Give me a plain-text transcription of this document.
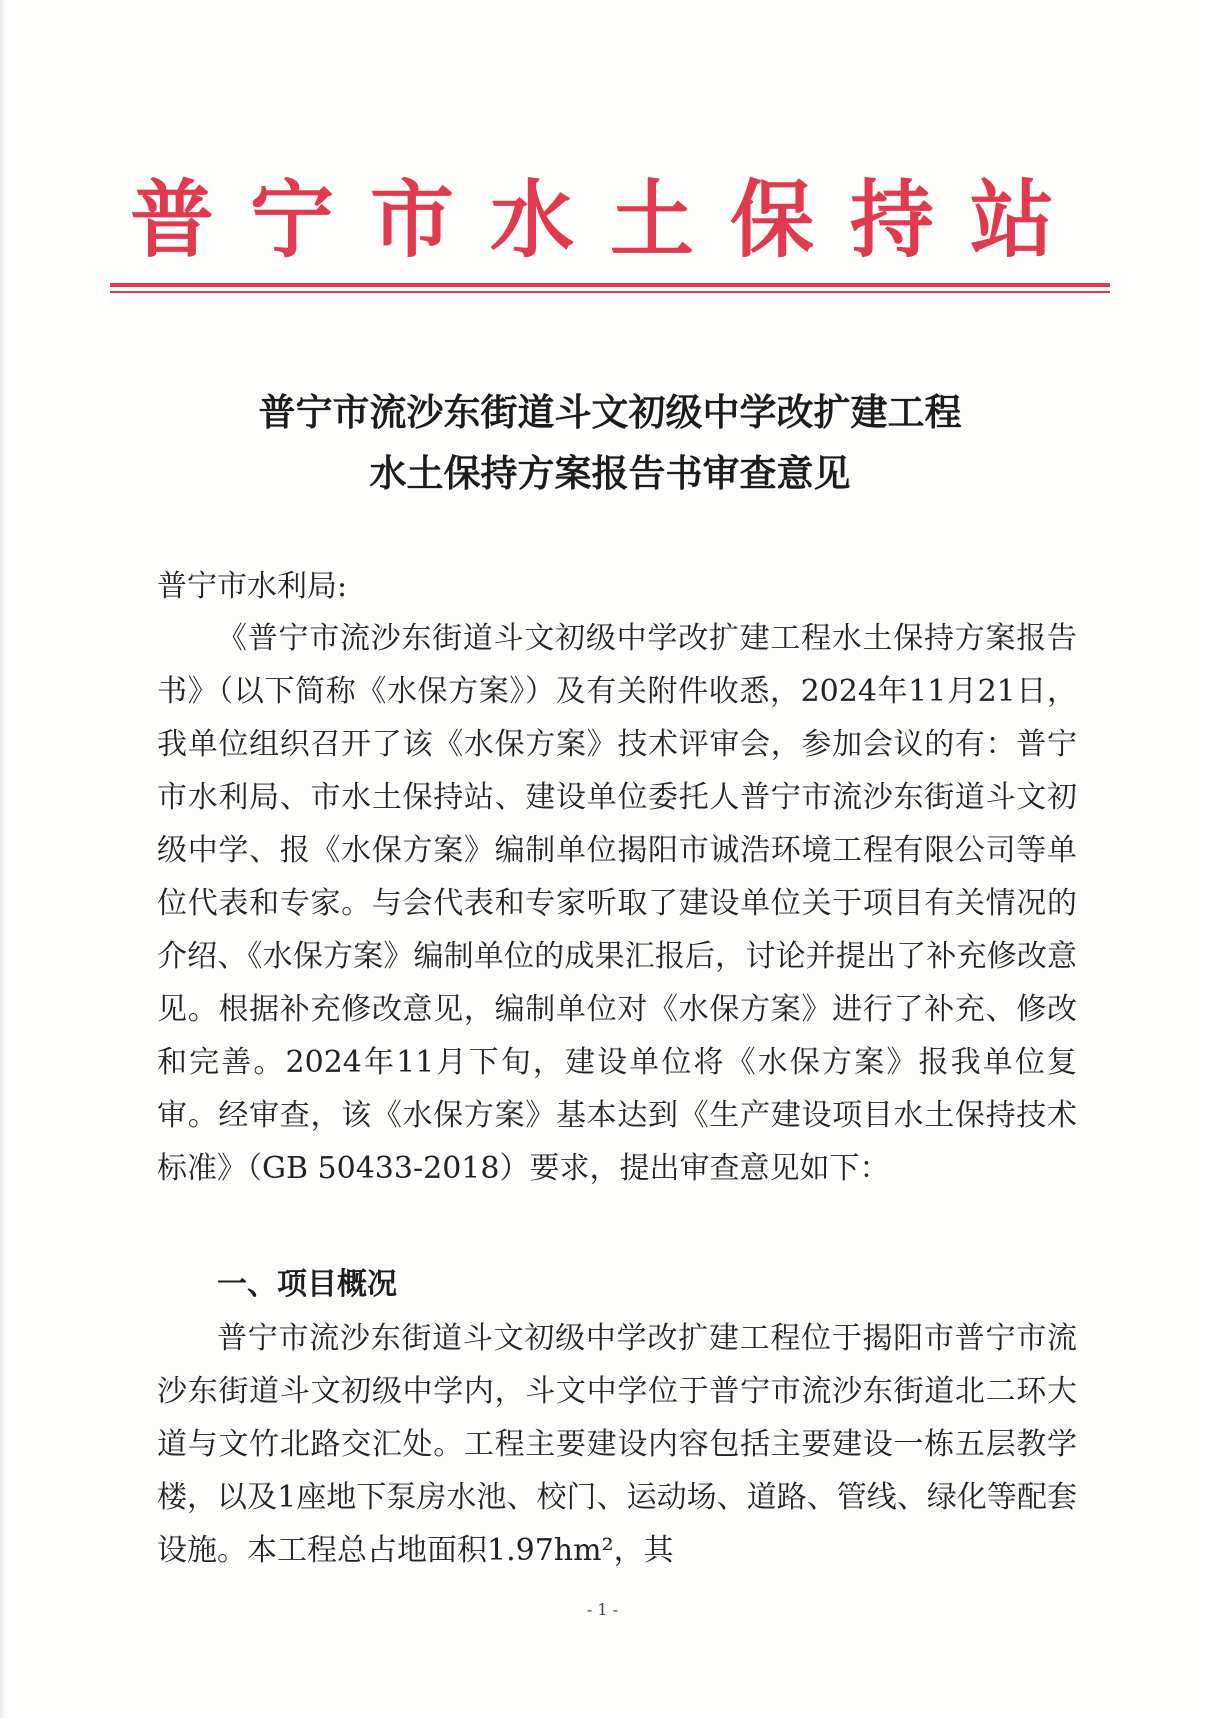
普宁市水土保持站
普宁市流沙东街道斗文初级中学改扩建工程
水土保持方案报告书审查意见
普宁市水利局:
《普宁市流沙东街道斗文初级中学改扩建工程水土保持方案报告书》（以下简称《水保方案》）及有关附件收悉，2024年11月21日，我单位组织召开了该《水保方案》技术评审会，参加会议的有：普宁市水利局、市水土保持站、建设单位委托人普宁市流沙东街道斗文初级中学、报《水保方案》编制单位揭阳市诚浩环境工程有限公司等单位代表和专家。与会代表和专家听取了建设单位关于项目有关情况的介绍、《水保方案》编制单位的成果汇报后，讨论并提出了补充修改意见。根据补充修改意见，编制单位对《水保方案》进行了补充、修改和完善。2024年11月下旬，建设单位将《水保方案》报我单位复审。经审查，该《水保方案》基本达到《生产建设项目水土保持技术标准》（GB 50433-2018）要求，提出审查意见如下：
一、项目概况
普宁市流沙东街道斗文初级中学改扩建工程位于揭阳市普宁市流沙东街道斗文初级中学内，斗文中学位于普宁市流沙东街道北二环大道与文竹北路交汇处。工程主要建设内容包括主要建设一栋五层教学楼，以及1座地下泵房水池、校门、运动场、道路、管线、绿化等配套设施。本工程总占地面积1.97hm²，其
- 1 -
